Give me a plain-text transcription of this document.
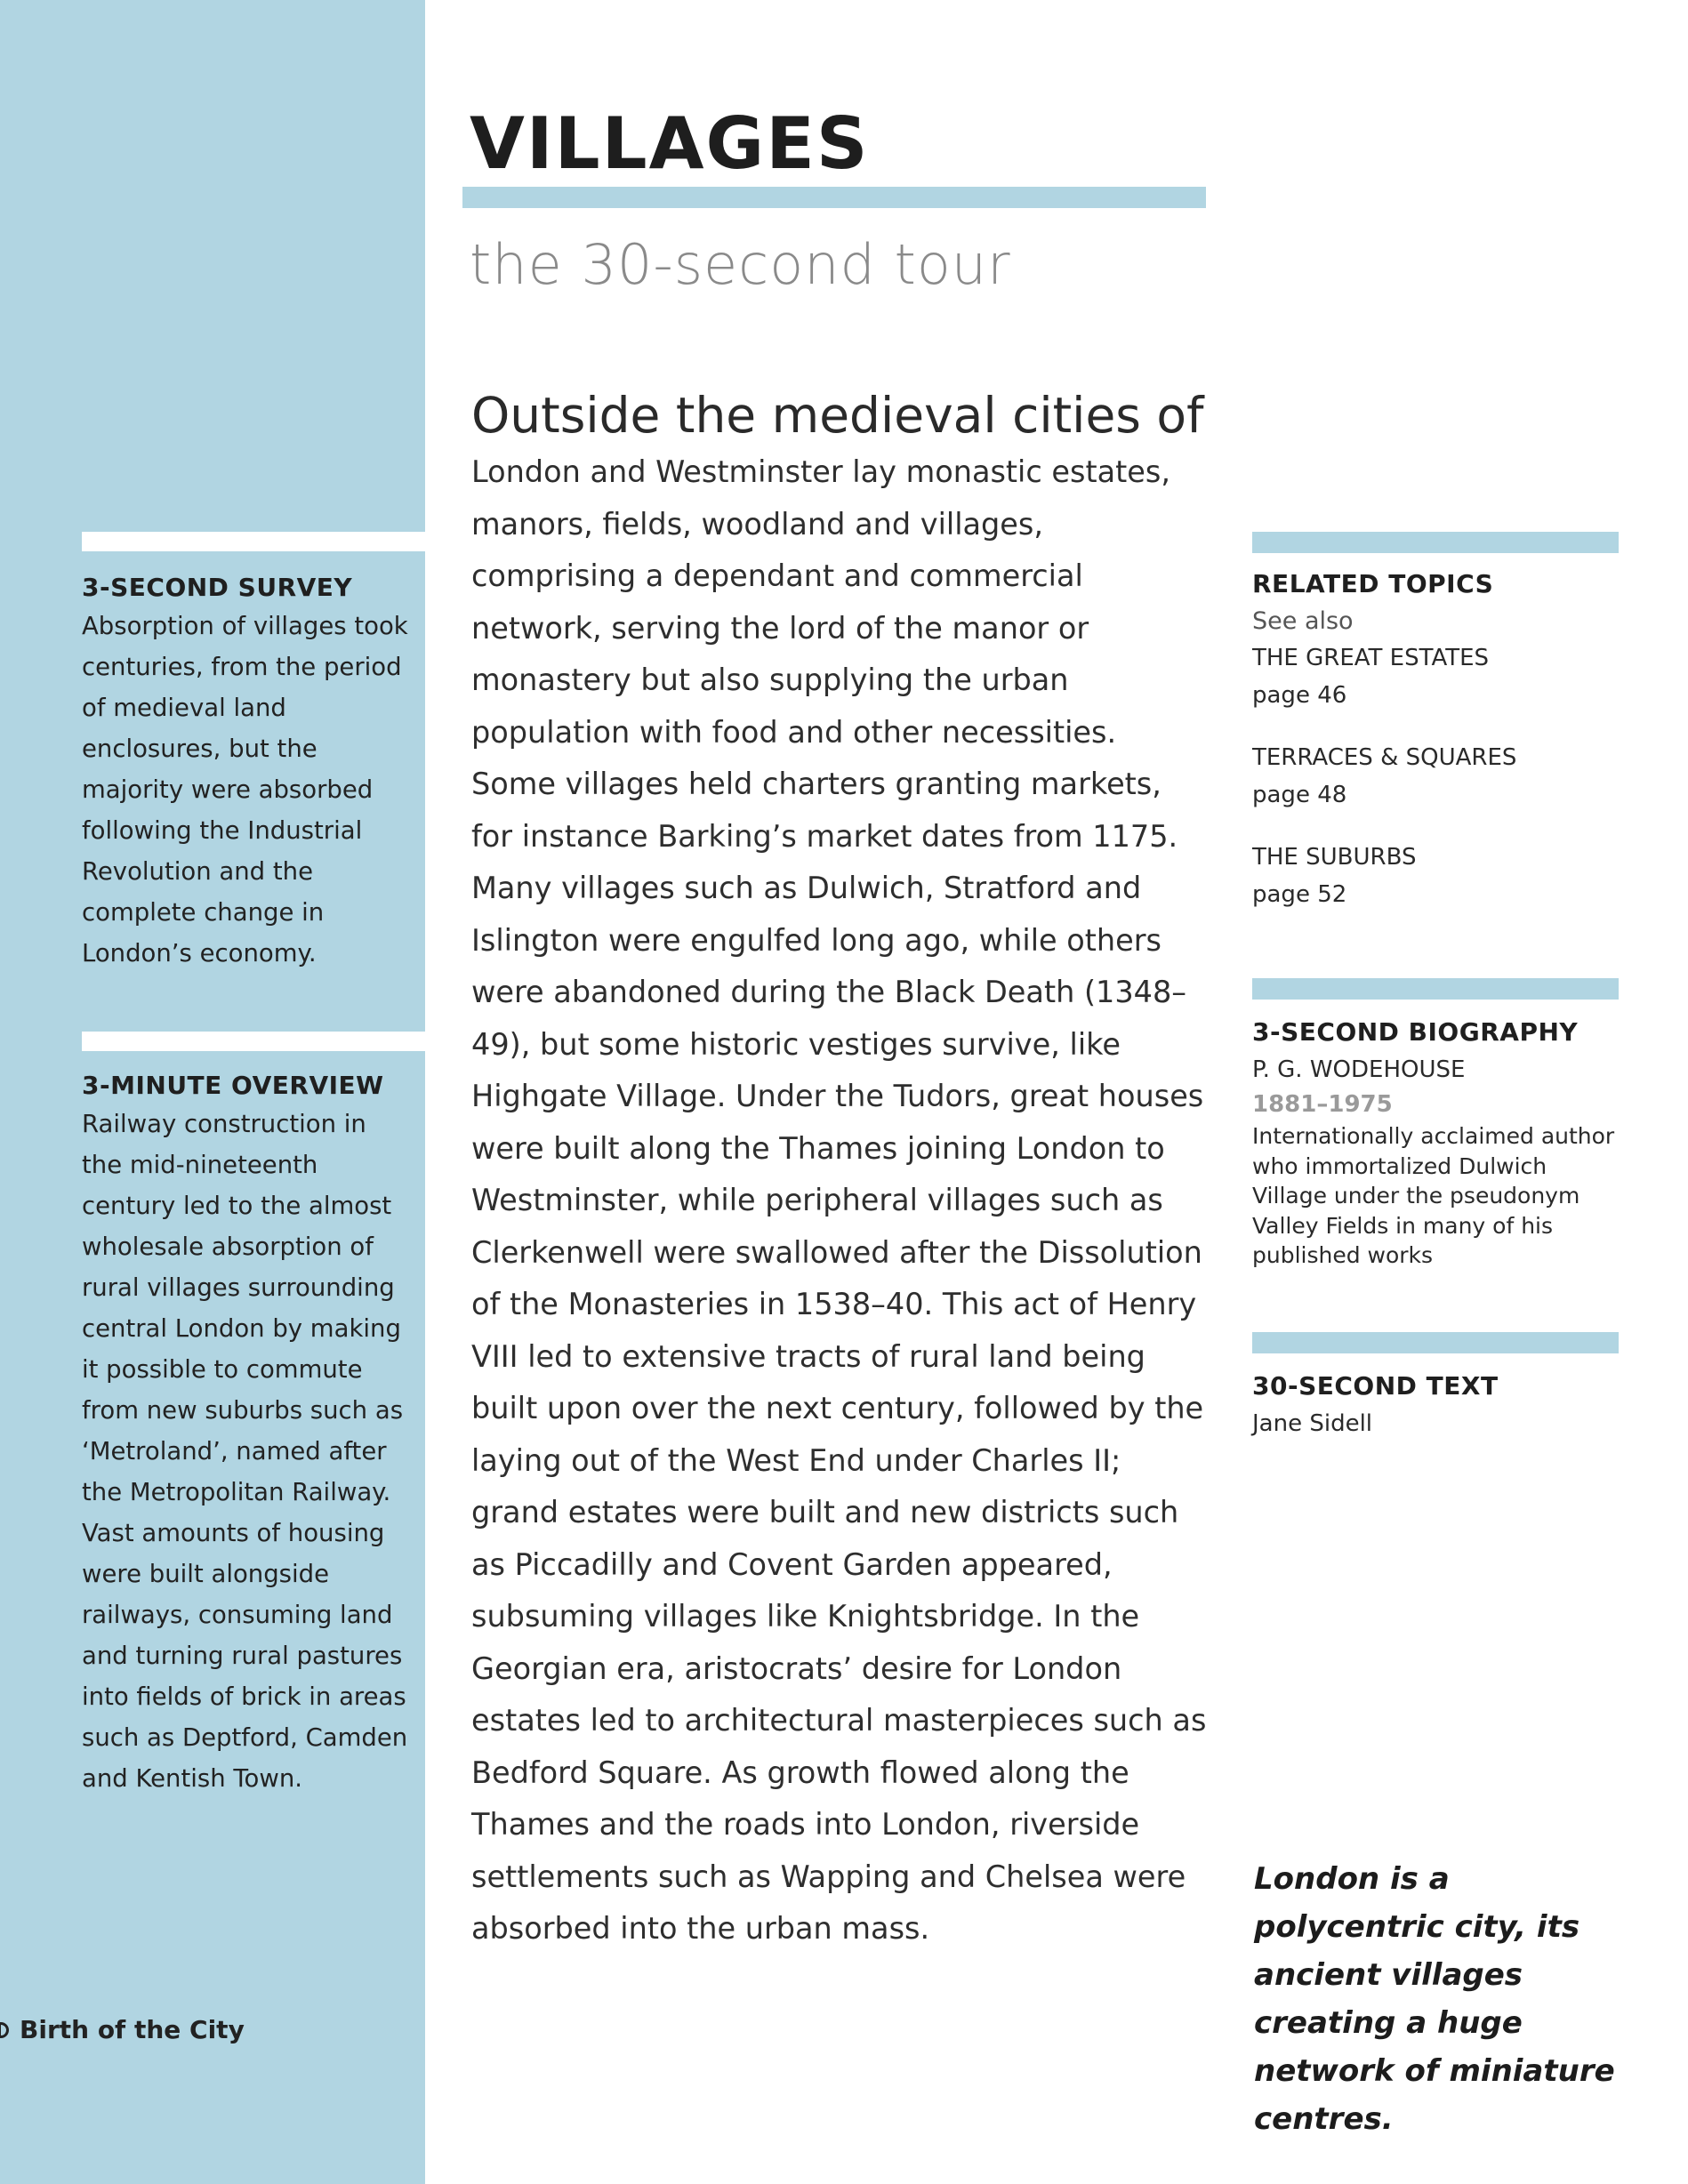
3-SECOND SURVEY

Absorption of villages took centuries, from the period of medieval land enclosures, but the majority were absorbed following the Industrial Revolution and the complete change in London’s economy.

3-MINUTE OVERVIEW

Railway construction in the mid-nineteenth century led to the almost wholesale absorption of rural villages surrounding central London by making it possible to commute from new suburbs such as ‘Metroland’, named after the Metropolitan Railway. Vast amounts of housing were built alongside railways, consuming land and turning rural pastures into fields of brick in areas such as Deptford, Camden and Kentish Town.

Birth of the City
VILLAGES
the 30-second tour

Outside the medieval cities of

London and Westminster lay monastic estates, manors, fields, woodland and villages, comprising a dependant and commercial network, serving the lord of the manor or monastery but also supplying the urban population with food and other necessities. Some villages held charters granting markets, for instance Barking’s market dates from 1175. Many villages such as Dulwich, Stratford and Islington were engulfed long ago, while others were abandoned during the Black Death (1348–49), but some historic vestiges survive, like Highgate Village. Under the Tudors, great houses were built along the Thames joining London to Westminster, while peripheral villages such as Clerkenwell were swallowed after the Dissolution of the Monasteries in 1538–40. This act of Henry VIII led to extensive tracts of rural land being built upon over the next century, followed by the laying out of the West End under Charles II; grand estates were built and new districts such as Piccadilly and Covent Garden appeared, subsuming villages like Knightsbridge. In the Georgian era, aristocrats’ desire for London estates led to architectural masterpieces such as Bedford Square. As growth flowed along the Thames and the roads into London, riverside settlements such as Wapping and Chelsea were absorbed into the urban mass.

RELATED TOPICS

See also

THE GREAT ESTATES

page 46

TERRACES & SQUARES

page 48

THE SUBURBS

page 52

3-SECOND BIOGRAPHY

P. G. WODEHOUSE

1881–1975

Internationally acclaimed author who immortalized Dulwich Village under the pseudonym Valley Fields in many of his published works

30-SECOND TEXT

Jane Sidell

London is a polycentric city, its ancient villages creating a huge network of miniature centres.
